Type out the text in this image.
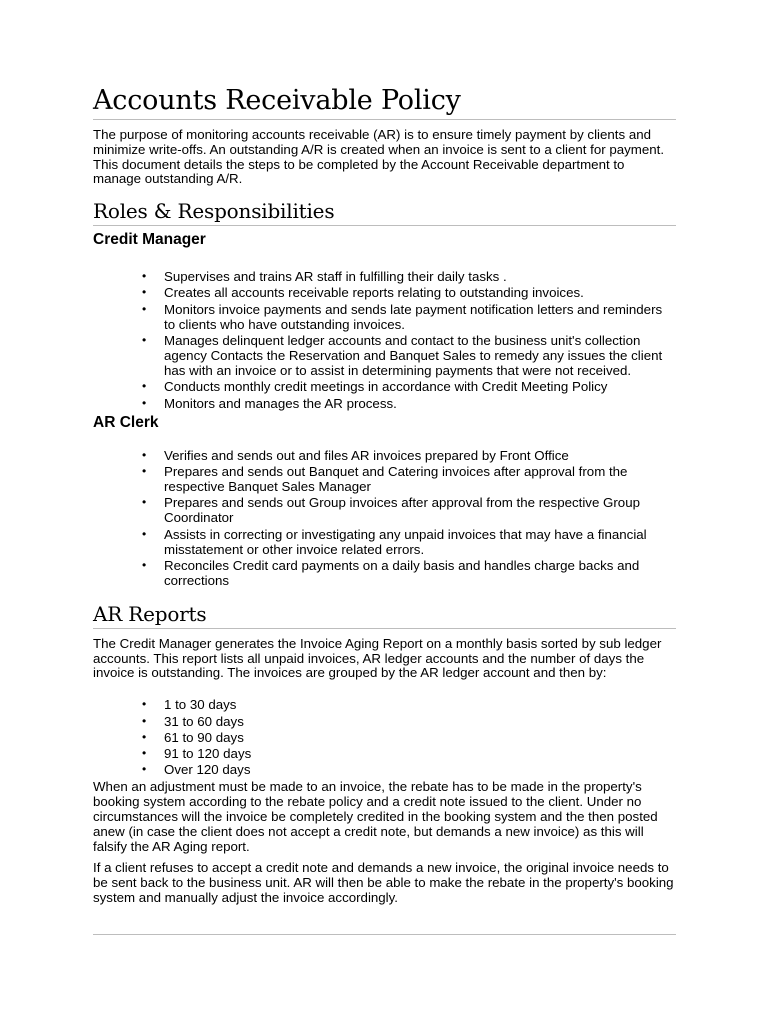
Accounts Receivable Policy

The purpose of monitoring accounts receivable (AR) is to ensure timely payment by clients and minimize write-offs. An outstanding A/R is created when an invoice is sent to a client for payment. This document details the steps to be completed by the Account Receivable department to manage outstanding A/R.

Roles & Responsibilities
Credit Manager
• Supervises and trains AR staff in fulfilling their daily tasks .
• Creates all accounts receivable reports relating to outstanding invoices.
• Monitors invoice payments and sends late payment notification letters and reminders to clients who have outstanding invoices.
• Manages delinquent ledger accounts and contact to the business unit's collection agency Contacts the Reservation and Banquet Sales to remedy any issues the client has with an invoice or to assist in determining payments that were not received.
• Conducts monthly credit meetings in accordance with Credit Meeting Policy
• Monitors and manages the AR process.
AR Clerk
• Verifies and sends out and files AR invoices prepared by Front Office
• Prepares and sends out Banquet and Catering invoices after approval from the respective Banquet Sales Manager
• Prepares and sends out Group invoices after approval from the respective Group Coordinator
• Assists in correcting or investigating any unpaid invoices that may have a financial misstatement or other invoice related errors.
• Reconciles Credit card payments on a daily basis and handles charge backs and corrections
AR Reports

The Credit Manager generates the Invoice Aging Report on a monthly basis sorted by sub ledger accounts. This report lists all unpaid invoices, AR ledger accounts and the number of days the invoice is outstanding. The invoices are grouped by the AR ledger account and then by:

• 1 to 30 days
• 31 to 60 days
• 61 to 90 days
• 91 to 120 days
• Over 120 days

When an adjustment must be made to an invoice, the rebate has to be made in the property's booking system according to the rebate policy and a credit note issued to the client. Under no circumstances will the invoice be completely credited in the booking system and the then posted anew (in case the client does not accept a credit note, but demands a new invoice) as this will falsify the AR Aging report.

If a client refuses to accept a credit note and demands a new invoice, the original invoice needs to be sent back to the business unit. AR will then be able to make the rebate in the property's booking system and manually adjust the invoice accordingly.
